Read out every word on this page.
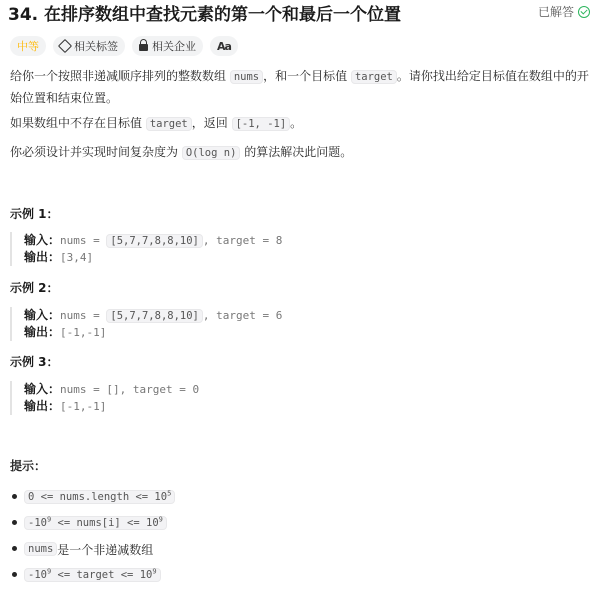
34. 在排序数组中查找元素的第一个和最后一个位置	已解答
中等	相关标签	相关企业 Aa
给你一个按照非递减顺序排列的整数数组 nums ，和一个目标值 target 。请你找出给定目标值在数组中的开始位置和结束位置。
如果数组中不存在目标值 target ，返回 [-1, -1] 。
你必须设计并实现时间复杂度为 O(log n) 的算法解决此问题。
示例 1：
输入：nums = [5,7,7,8,8,10] , target = 8
输出：[3,4]
示例 2：
输入：nums = [5,7,7,8,8,10] , target = 6
输出：[-1,-1]
示例 3：
输入：nums = [], target = 0
输出：[-1,-1]
提示：
0 <= nums.length <= $10^5$
$-10^9$ <= nums[i] <= $10^9$
nums 是一个非递减数组
$-10^9$ <= target <= $10^9$
